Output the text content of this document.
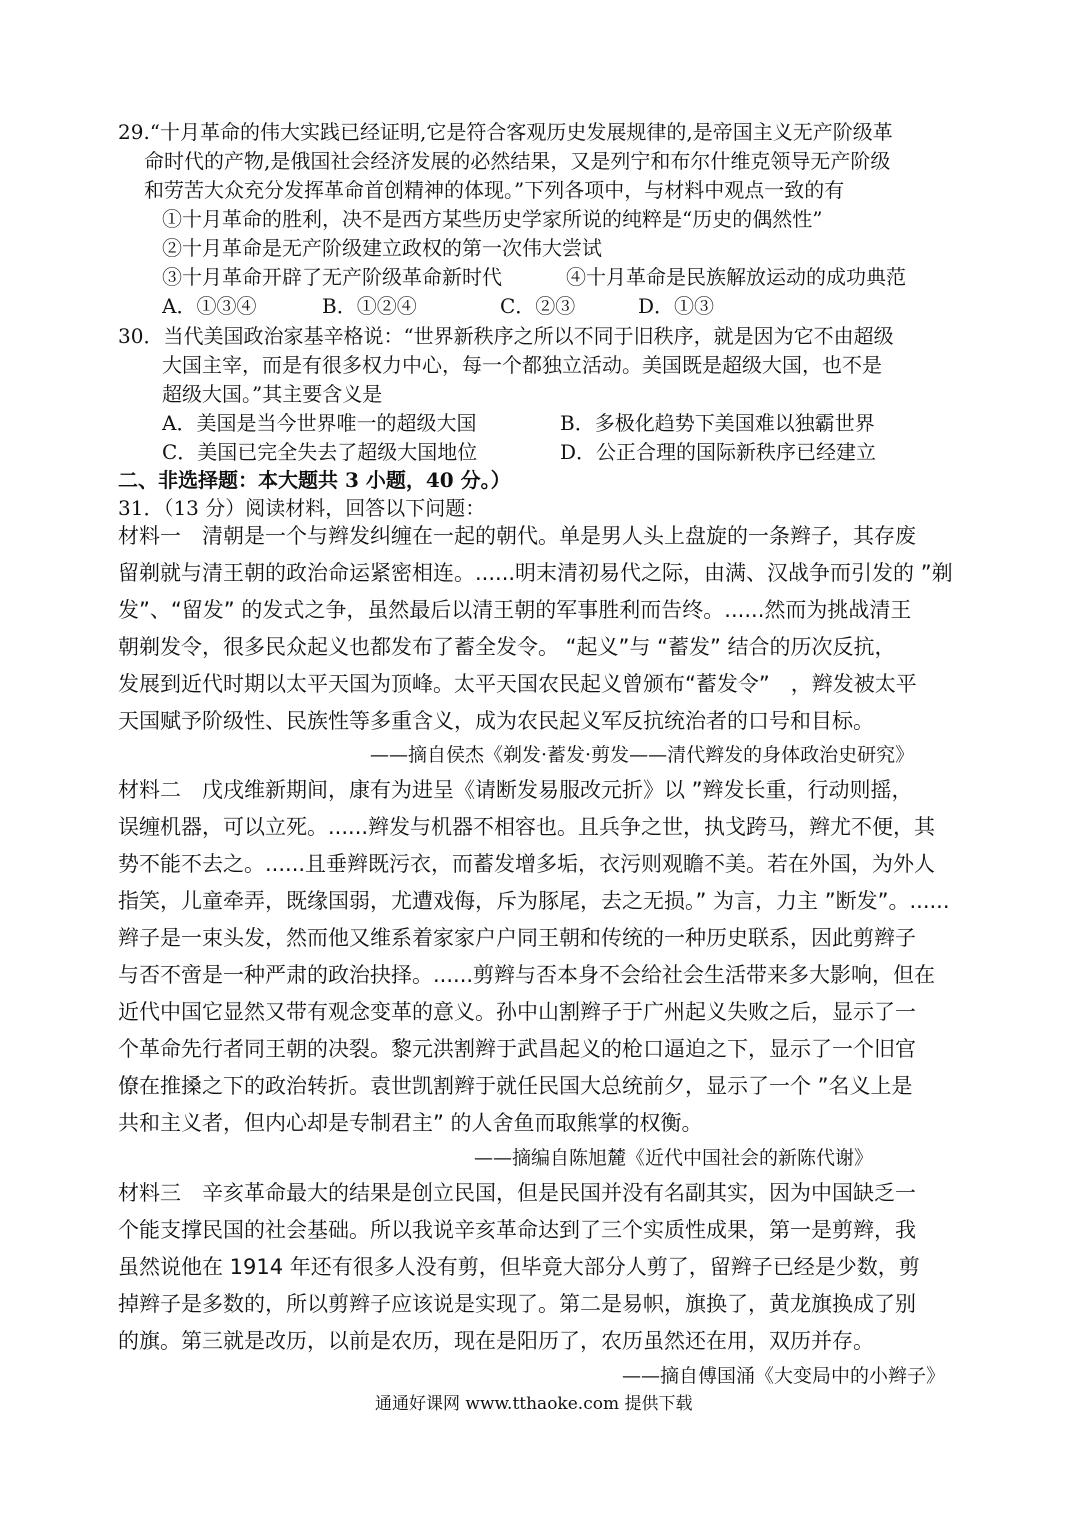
29.“十月革命的伟大实践已经证明,它是符合客观历史发展规律的,是帝国主义无产阶级革
命时代的产物,是俄国社会经济发展的必然结果，又是列宁和布尔什维克领导无产阶级
和劳苦大众充分发挥革命首创精神的体现。”下列各项中，与材料中观点一致的有
①十月革命的胜利，决不是西方某些历史学家所说的纯粹是“历史的偶然性”
②十月革命是无产阶级建立政权的第一次伟大尝试
③十月革命开辟了无产阶级革命新时代	④十月革命是民族解放运动的成功典范
A．①③④	B．①②④	C．②③	D．①③
30．当代美国政治家基辛格说：“世界新秩序之所以不同于旧秩序，就是因为它不由超级
大国主宰，而是有很多权力中心，每一个都独立活动。美国既是超级大国，也不是
超级大国。”其主要含义是
A．美国是当今世界唯一的超级大国	B．多极化趋势下美国难以独霸世界
C．美国已完全失去了超级大国地位	D．公正合理的国际新秩序已经建立
二、非选择题：本大题共 3 小题，40 分。）
31．（13 分）阅读材料，回答以下问题：
材料一　清朝是一个与辫发纠缠在一起的朝代。单是男人头上盘旋的一条辫子，其存废
留剃就与清王朝的政治命运紧密相连。......明末清初易代之际，由满、汉战争而引发的 ”剃
发”、“留发” 的发式之争，虽然最后以清王朝的军事胜利而告终。......然而为挑战清王
朝剃发令，很多民众起义也都发布了蓄全发令。 “起义”与 “蓄发” 结合的历次反抗，
发展到近代时期以太平天国为顶峰。太平天国农民起义曾颁布“蓄发令”　，辫发被太平
天国赋予阶级性、民族性等多重含义，成为农民起义军反抗统治者的口号和目标。
——摘自侯杰《剃发·蓄发·剪发——清代辫发的身体政治史研究》
材料二　戊戌维新期间，康有为进呈《请断发易服改元折》以 ”辫发长重，行动则摇，
误缠机器，可以立死。......辫发与机器不相容也。且兵争之世，执戈跨马，辫尤不便，其
势不能不去之。......且垂辫既污衣，而蓄发增多垢，衣污则观瞻不美。若在外国，为外人
指笑，儿童牵弄，既缘国弱，尤遭戏侮，斥为豚尾，去之无损。” 为言，力主 ”断发”。......
辫子是一束头发，然而他又维系着家家户户同王朝和传统的一种历史联系，因此剪辫子
与否不啻是一种严肃的政治抉择。......剪辫与否本身不会给社会生活带来多大影响，但在
近代中国它显然又带有观念变革的意义。孙中山割辫子于广州起义失败之后，显示了一
个革命先行者同王朝的决裂。黎元洪割辫于武昌起义的枪口逼迫之下，显示了一个旧官
僚在推搡之下的政治转折。袁世凯割辫于就任民国大总统前夕，显示了一个 ”名义上是
共和主义者，但内心却是专制君主” 的人舍鱼而取熊掌的权衡。
——摘编自陈旭麓《近代中国社会的新陈代谢》
材料三　辛亥革命最大的结果是创立民国，但是民国并没有名副其实，因为中国缺乏一
个能支撑民国的社会基础。所以我说辛亥革命达到了三个实质性成果，第一是剪辫，我
虽然说他在 1914 年还有很多人没有剪，但毕竟大部分人剪了，留辫子已经是少数，剪
掉辫子是多数的，所以剪辫子应该说是实现了。第二是易帜，旗换了，黄龙旗换成了别
的旗。第三就是改历，以前是农历，现在是阳历了，农历虽然还在用，双历并存。
——摘自傅国涌《大变局中的小辫子》
通通好课网 www.tthaoke.com 提供下载
